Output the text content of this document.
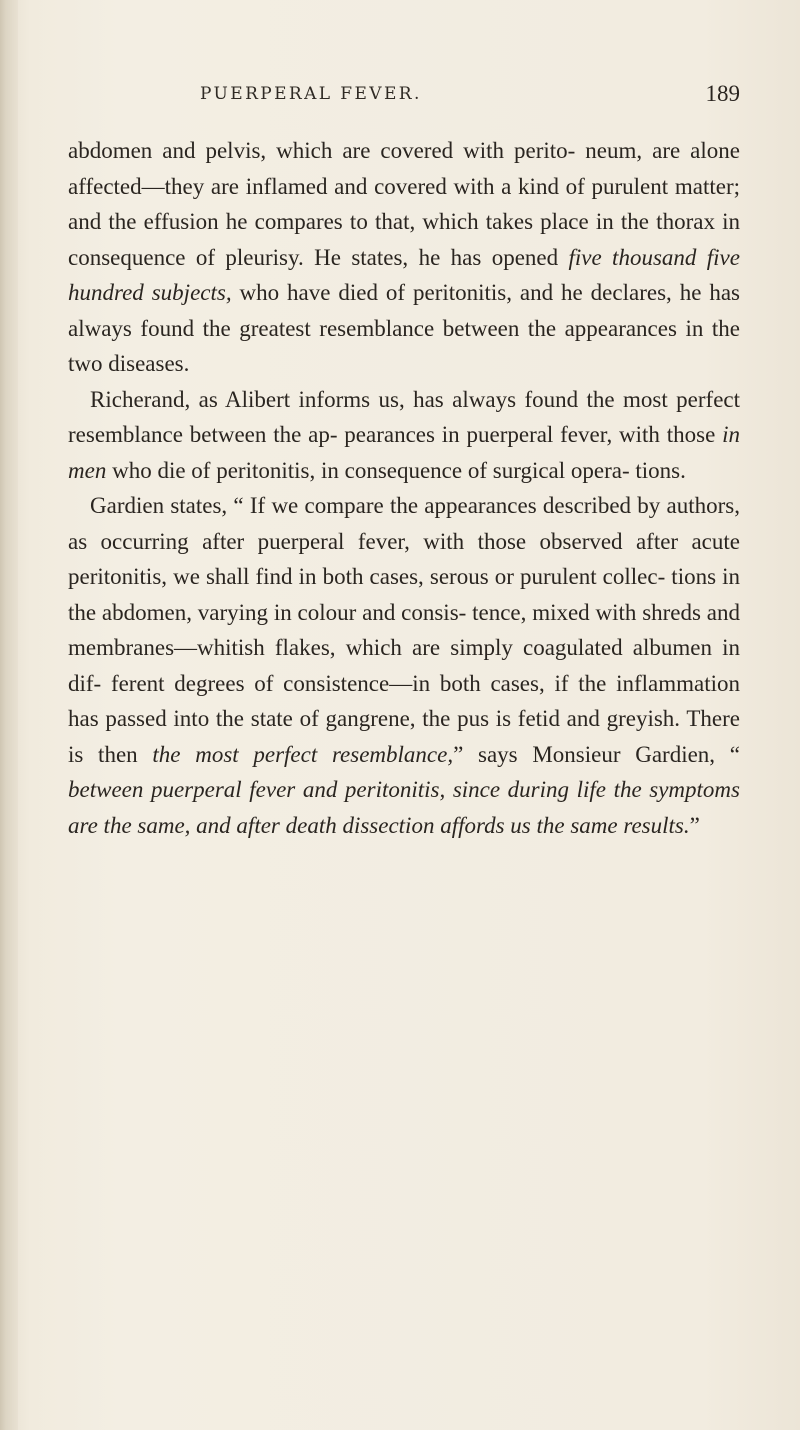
PUERPERAL FEVER.	189

abdomen and pelvis, which are covered with perito- neum, are alone affected—they are inflamed and covered with a kind of purulent matter; and the effusion he compares to that, which takes place in the thorax in consequence of pleurisy. He states, he has opened five thousand five hundred subjects, who have died of peritonitis, and he declares, he has always found the greatest resemblance between the appearances in the two diseases.

Richerand, as Alibert informs us, has always found the most perfect resemblance between the ap- pearances in puerperal fever, with those in men who die of peritonitis, in consequence of surgical opera- tions.

Gardien states, “ If we compare the appearances described by authors, as occurring after puerperal fever, with those observed after acute peritonitis, we shall find in both cases, serous or purulent collec- tions in the abdomen, varying in colour and consis- tence, mixed with shreds and membranes—whitish flakes, which are simply coagulated albumen in dif- ferent degrees of consistence—in both cases, if the inflammation has passed into the state of gangrene, the pus is fetid and greyish. There is then the most perfect resemblance,” says Monsieur Gardien, “ between puerperal fever and peritonitis, since during life the symptoms are the same, and after death dissection affords us the same results.”
